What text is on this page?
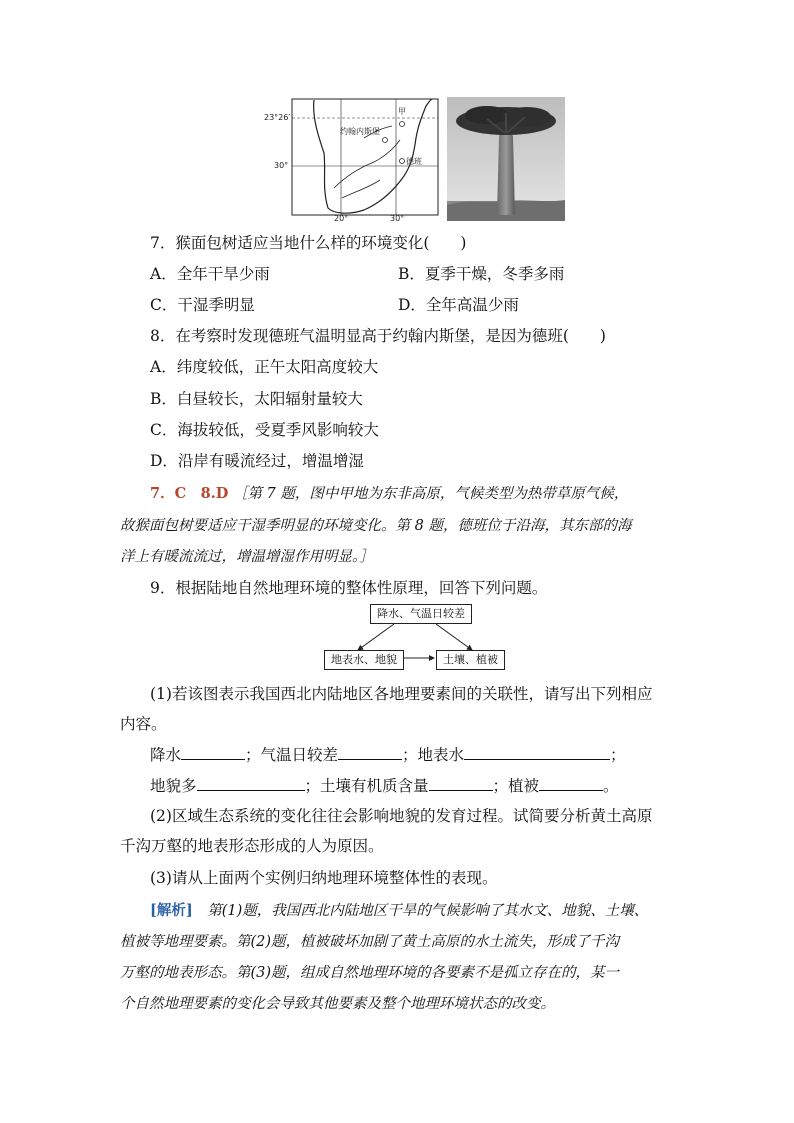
23°26′
30°
20°	30°
甲
约翰内斯堡
德班
7．猴面包树适应当地什么样的环境变化(　　)
A．全年干旱少雨	B．夏季干燥，冬季多雨
C．干湿季明显	D．全年高温少雨
8．在考察时发现德班气温明显高于约翰内斯堡，是因为德班(　　)
A．纬度较低，正午太阳高度较大
B．白昼较长，太阳辐射量较大
C．海拔较低，受夏季风影响较大
D．沿岸有暖流经过，增温增湿
7．C　8.D ［第 7 题，图中甲地为东非高原，气候类型为热带草原气候，
故猴面包树要适应干湿季明显的环境变化。第 8 题，德班位于沿海，其东部的海
洋上有暖流流过，增温增湿作用明显。］
9．根据陆地自然地理环境的整体性原理，回答下列问题。
降水、气温日较差
地表水、地貌	土壤、植被
(1)若该图表示我国西北内陆地区各地理要素间的关联性，请写出下列相应
内容。
降水	；气温日较差	；地表水	；
地貌多	；土壤有机质含量	；植被	。
(2)区域生态系统的变化往往会影响地貌的发育过程。试简要分析黄土高原
千沟万壑的地表形态形成的人为原因。
(3)请从上面两个实例归纳地理环境整体性的表现。
[解析]　第(1)题，我国西北内陆地区干旱的气候影响了其水文、地貌、土壤、
植被等地理要素。第(2)题，植被破坏加剧了黄土高原的水土流失，形成了千沟
万壑的地表形态。第(3)题，组成自然地理环境的各要素不是孤立存在的，某一
个自然地理要素的变化会导致其他要素及整个地理环境状态的改变。
